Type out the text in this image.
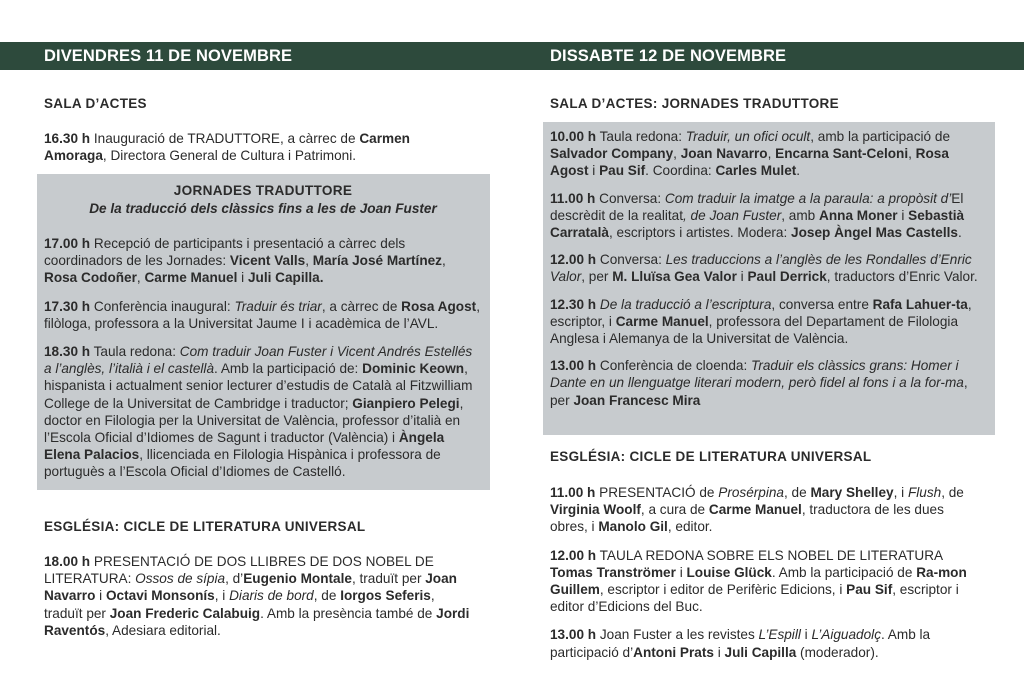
DIVENDRES 11 DE NOVEMBRE	DISSABTE 12 DE NOVEMBRE
SALA D’ACTES
16.30 h Inauguració de TRADUTTORE, a càrrec de Carmen Amoraga, Directora General de Cultura i Patrimoni.
JORNADES TRADUTTORE
De la traducció dels clàssics fins a les de Joan Fuster
17.00 h Recepció de participants i presentació a càrrec dels coordinadors de les Jornades: Vicent Valls, María José Martínez, Rosa Codoñer, Carme Manuel i Juli Capilla.
17.30 h Conferència inaugural: Traduir és triar, a càrrec de Rosa Agost, filòloga, professora a la Universitat Jaume I i acadèmica de l’AVL.
18.30 h Taula redona: Com traduir Joan Fuster i Vicent Andrés Estellés a l’anglès, l’italià i el castellà. Amb la participació de: Dominic Keown, hispanista i actualment senior lecturer d’estudis de Català al Fitzwilliam College de la Universitat de Cambridge i traductor; Gianpiero Pelegi, doctor en Filologia per la Universitat de València, professor d’italià en l’Escola Oficial d’Idiomes de Sagunt i traductor (València) i Àngela Elena Palacios, llicenciada en Filologia Hispànica i professora de portuguès a l’Escola Oficial d’Idiomes de Castelló.
ESGLÉSIA: CICLE DE LITERATURA UNIVERSAL
18.00 h PRESENTACIÓ DE DOS LLIBRES DE DOS NOBEL DE LITERATURA: Ossos de sípia, d’Eugenio Montale, traduït per Joan Navarro i Octavi Monsonís, i Diaris de bord, de Iorgos Seferis, traduït per Joan Frederic Calabuig. Amb la presència també de Jordi Raventós, Adesiara editorial.
SALA D’ACTES: JORNADES TRADUTTORE
10.00 h Taula redona: Traduir, un ofici ocult, amb la participació de Salvador Company, Joan Navarro, Encarna Sant-Celoni, Rosa Agost i Pau Sif. Coordina: Carles Mulet.
11.00 h Conversa: Com traduir la imatge a la paraula: a propòsit d’El descrèdit de la realitat, de Joan Fuster, amb Anna Moner i Sebastià Carratalà, escriptors i artistes. Modera: Josep Àngel Mas Castells.
12.00 h Conversa: Les traduccions a l’anglès de les Rondalles d’Enric Valor, per M. Lluïsa Gea Valor i Paul Derrick, traductors d’Enric Valor.
12.30 h De la traducció a l’escriptura, conversa entre Rafa Lahuer-ta, escriptor, i Carme Manuel, professora del Departament de Filologia Anglesa i Alemanya de la Universitat de València.
13.00 h Conferència de cloenda: Traduir els clàssics grans: Homer i Dante en un llenguatge literari modern, però fidel al fons i a la for-ma, per Joan Francesc Mira
ESGLÉSIA: CICLE DE LITERATURA UNIVERSAL
11.00 h PRESENTACIÓ de Prosérpina, de Mary Shelley, i Flush, de Virginia Woolf, a cura de Carme Manuel, traductora de les dues obres, i Manolo Gil, editor.
12.00 h TAULA REDONA SOBRE ELS NOBEL DE LITERATURA Tomas Tranströmer i Louise Glück. Amb la participació de Ra-mon Guillem, escriptor i editor de Perifèric Edicions, i Pau Sif, escriptor i editor d’Edicions del Buc.
13.00 h Joan Fuster a les revistes L’Espill i L’Aiguadolç. Amb la participació d’Antoni Prats i Juli Capilla (moderador).
